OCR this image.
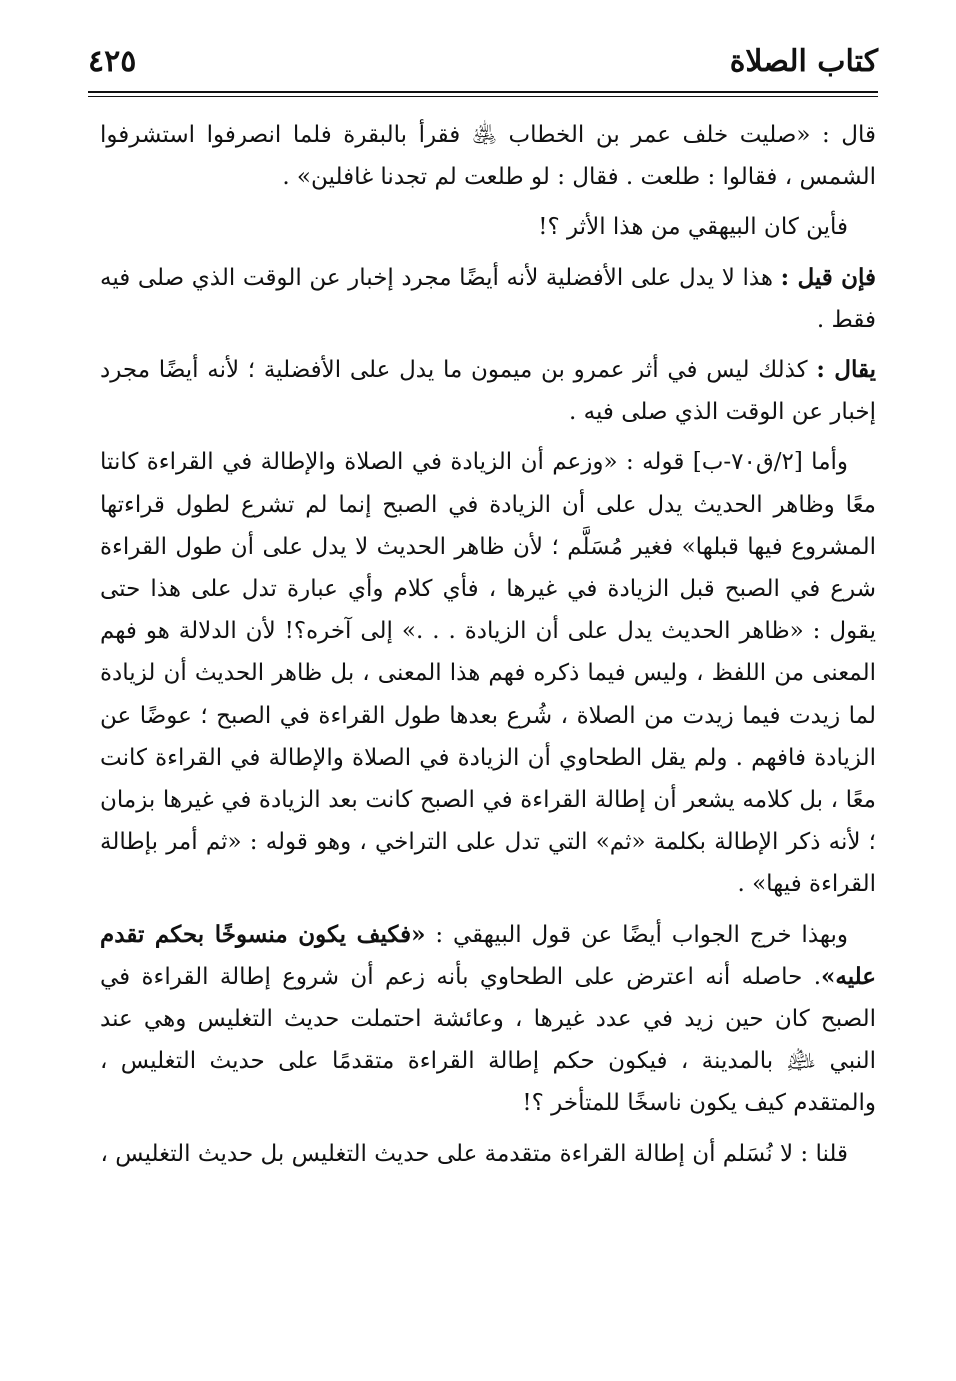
كتاب الصلاة
٤٢٥

قال : «صليت خلف عمر بن الخطاب ﵁ فقرأ بالبقرة فلما انصرفوا استشرفوا الشمس ، فقالوا : طلعت . فقال : لو طلعت لم تجدنا غافلين» .

فأين كان البيهقي من هذا الأثر ؟!

فإن قيل : هذا لا يدل على الأفضلية لأنه أيضًا مجرد إخبار عن الوقت الذي صلى فيه فقط .

يقال : كذلك ليس في أثر عمرو بن ميمون ما يدل على الأفضلية ؛ لأنه أيضًا مجرد إخبار عن الوقت الذي صلى فيه .

وأما [٢/ق٧٠-ب] قوله : «وزعم أن الزيادة في الصلاة والإطالة في القراءة كانتا معًا وظاهر الحديث يدل على أن الزيادة في الصبح إنما لم تشرع لطول قراءتها المشروع فيها قبلها» فغير مُسَلَّم ؛ لأن ظاهر الحديث لا يدل على أن طول القراءة شرع في الصبح قبل الزيادة في غيرها ، فأي كلام وأي عبارة تدل على هذا حتى يقول : «ظاهر الحديث يدل على أن الزيادة . . .» إلى آخره؟! لأن الدلالة هو فهم المعنى من اللفظ ، وليس فيما ذكره فهم هذا المعنى ، بل ظاهر الحديث أن لزيادة لما زيدت فيما زيدت من الصلاة ، شُرع بعدها طول القراءة في الصبح ؛ عوضًا عن الزيادة فافهم . ولم يقل الطحاوي أن الزيادة في الصلاة والإطالة في القراءة كانت معًا ، بل كلامه يشعر أن إطالة القراءة في الصبح كانت بعد الزيادة في غيرها بزمان ؛ لأنه ذكر الإطالة بكلمة «ثم» التي تدل على التراخي ، وهو قوله : «ثم أمر بإطالة القراءة فيها» .

وبهذا خرج الجواب أيضًا عن قول البيهقي : «فكيف يكون منسوخًا بحكم تقدم عليه». حاصله أنه اعترض على الطحاوي بأنه زعم أن شروع إطالة القراءة في الصبح كان حين زيد في عدد غيرها ، وعائشة احتملت حديث التغليس وهي عند النبي ﵇ بالمدينة ، فيكون حكم إطالة القراءة متقدمًا على حديث التغليس ، والمتقدم كيف يكون ناسخًا للمتأخر ؟!

قلنا : لا نُسَلم أن إطالة القراءة متقدمة على حديث التغليس بل حديث التغليس ،
